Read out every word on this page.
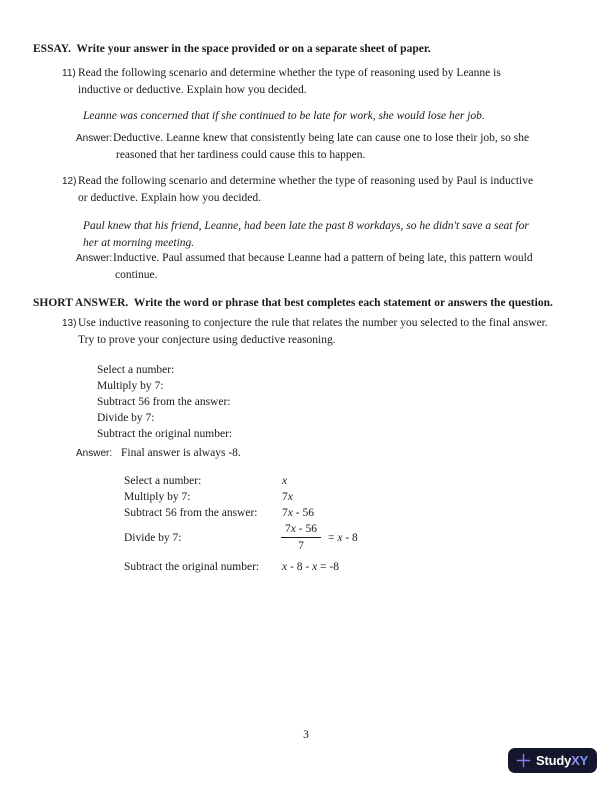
ESSAY.  Write your answer in the space provided or on a separate sheet of paper.
11) Read the following scenario and determine whether the type of reasoning used by Leanne is
inductive or deductive. Explain how you decided.
Leanne was concerned that if she continued to be late for work, she would lose her job.
Answer: Deductive. Leanne knew that consistently being late can cause one to lose their job, so she
reasoned that her tardiness could cause this to happen.
12) Read the following scenario and determine whether the type of reasoning used by Paul is inductive
or deductive. Explain how you decided.
Paul knew that his friend, Leanne, had been late the past 8 workdays, so he didn't save a seat for
her at morning meeting.
Answer: Inductive. Paul assumed that because Leanne had a pattern of being late, this pattern would
continue.
SHORT ANSWER.  Write the word or phrase that best completes each statement or answers the question.
13) Use inductive reasoning to conjecture the rule that relates the number you selected to the final answer.
Try to prove your conjecture using deductive reasoning.
Select a number:
Multiply by 7:
Subtract 56 from the answer:
Divide by 7:
Subtract the original number:
Answer: Final answer is always -8.
Select a number:	x
Multiply by 7:	7x
Subtract 56 from the answer: 7x - 56
Divide by 7:	$\frac{7x - 56}{7} = x - 8$
Subtract the original number: x - 8 - x = -8
3
Study XY
